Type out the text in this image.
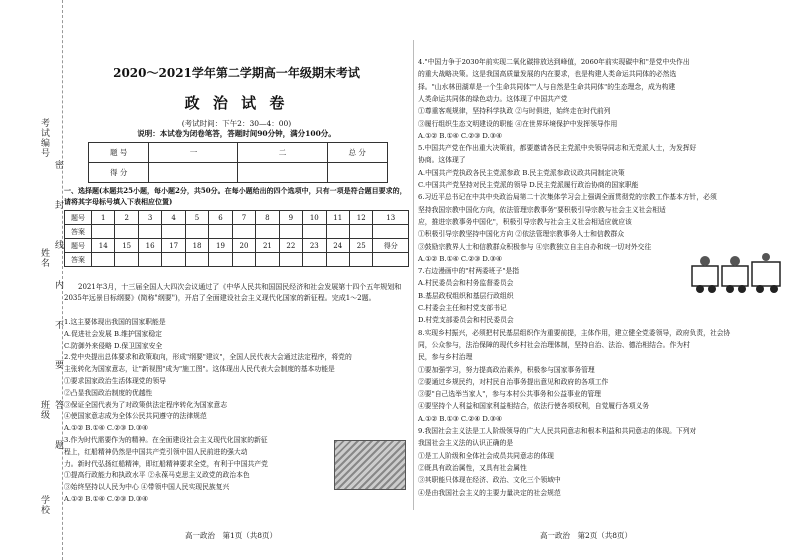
考试编号
姓名
班级
学校
密
封
线
内
不
要
答
题
2020～2021学年第二学期高一年级期末考试
政 治 试 卷
(考试时间：下午2：30—4：00)
说明：本试卷为闭卷笔答，答题时间90分钟，满分100分。
题 号	一	二	总 分
得 分			
一、选择题(本题共25小题，每小题2分，共50分。在每小题给出的四个选项中，只有一项是符合题目要求的，请将其字母标号填入下表相应位置)
题号	1	2	3	4	5	6	7	8	9	10	11	12	13
答案													
题号	14	15	16	17	18	19	20	21	22	23	24	25	得分
答案													
2021年3月，十三届全国人大四次会议通过了《中华人民共和国国民经济和社会发展第十四个五年规划和2035年远景目标纲要》(简称"纲要")，开启了全面建设社会主义现代化国家的新征程。完成1～2题。
1.这主要体现出我国的国家职能是
A.促进社会发展 B.维护国家稳定
C.防御外来侵略 D.保卫国家安全
2.党中央提出总体要求和政策取向，形成"纲要"建议"，全国人民代表大会通过法定程序，将党的
主张转化为国家意志，让"新视图"成为"施工图"。这体现出人民代表大会制度的基本功能是
①要求国家政治生活体现党的领导
②凸显我国政治制度的优越性
③保证全国代表为了对政策供法定程序转化为国家意志
④使国家意志成为全体公民共同遵守的法律规范
A.①② B.①④ C.②③ D.③④
3.作为时代需要作为的精神。在全面建设社会主义现代化国家的新征
程上，红船精神仍然是中国共产党引领中国人民前进的强大动
力。新时代弘扬红船精神，即红船精神要求全党，有利于中国共产党
①提高行政能力和执政水平 ②永葆马克思主义政党的政治本色
③始终坚持以人民为中心 ④带领中国人民实现民族复兴
A.①② B.①④ C.②③ D.③④
4."中国力争于2030年前实现二氧化碳排放达到峰值，2060年前实现碳中和"是党中央作出
的重大战略决策。这是我国高质量发展的内在要求，也是构建人类命运共同体的必然选
择。"山水林田湖草是一个生命共同体""人与自然是生命共同体"的生态理念，成为构建
人类命运共同体的绿色动力。这体现了中国共产党
①尊重客观规律，坚持科学执政 ②与时俱进，始终走在时代前列
③履行组织生态文明建设的职能 ④在世界环境保护中发挥领导作用
A.①② B.①④ C.②③ D.③④
5.中国共产党在作出重大决策前，都要邀请各民主党派中央领导同志和无党派人士，为发挥好
协商。这体现了
A.中国共产党执政各民主党派参政 B.民主党派参政议政共同制定决策
C.中国共产党坚持对民主党派的领导 D.民主党派履行政治协商的国家职能
6.习近平总书记在中共中央政治局第二十次集体学习会上强调全面贯彻党的宗教工作基本方针，必须
坚持我国宗教中国化方向，依法管理宗教事务"要积极引导宗教与社会主义社会相适
应，推进宗教事务中国化"，积极引导宗教与社会主义社会相适应就应该
①积极引导宗教坚持中国化方向 ②依法管理宗教事务人士和信教群众
③鼓励宗教界人士和信教群众积极参与 ④宗教独立自主自办和统一切对外交往
A.①② B.①④ C.②③ D.③④
7.右边漫画中的"村两委班子"是指
A.村民委员会和村务监督委员会
B.基层政权组织和基层行政组织
C.村委会主任和村党支部书记
D.村党支部委员会和村民委员会
8.实现乡村振兴，必须把村民基层组织作为重要前提，主体作用，建立健全党委领导，政府负责，社会协
同，公众参与，法治保障的现代乡村社会治理体制，坚持自治、法治、德治相结合。作为村
民，参与乡村治理
①要加强学习，努力提高政治素养，积极参与国家事务管理
②要通过乡规民约，对村民自治事务提出意见和政府的各项工作
③要"自己选举当家人"，参与本村公共事务和公益事业的管理
④要坚持个人利益和国家利益相结合，依法行使各项权利，自觉履行各项义务
A.①② B.①③ C.②④ D.③④
9.我国社会主义法是工人阶级领导的广大人民共同意志和根本利益和共同意志的体现。下列对
我国社会主义法的认识正确的是
①是工人阶级和全体社会成员共同意志的体现
②既具有政治属性，又具有社会属性
③其职能只体现在经济、政治、文化三个领域中
④是由我国社会主义的主要力量决定的社会规范
高一政治　第1页（共8页）	高一政治　第2页（共8页）
